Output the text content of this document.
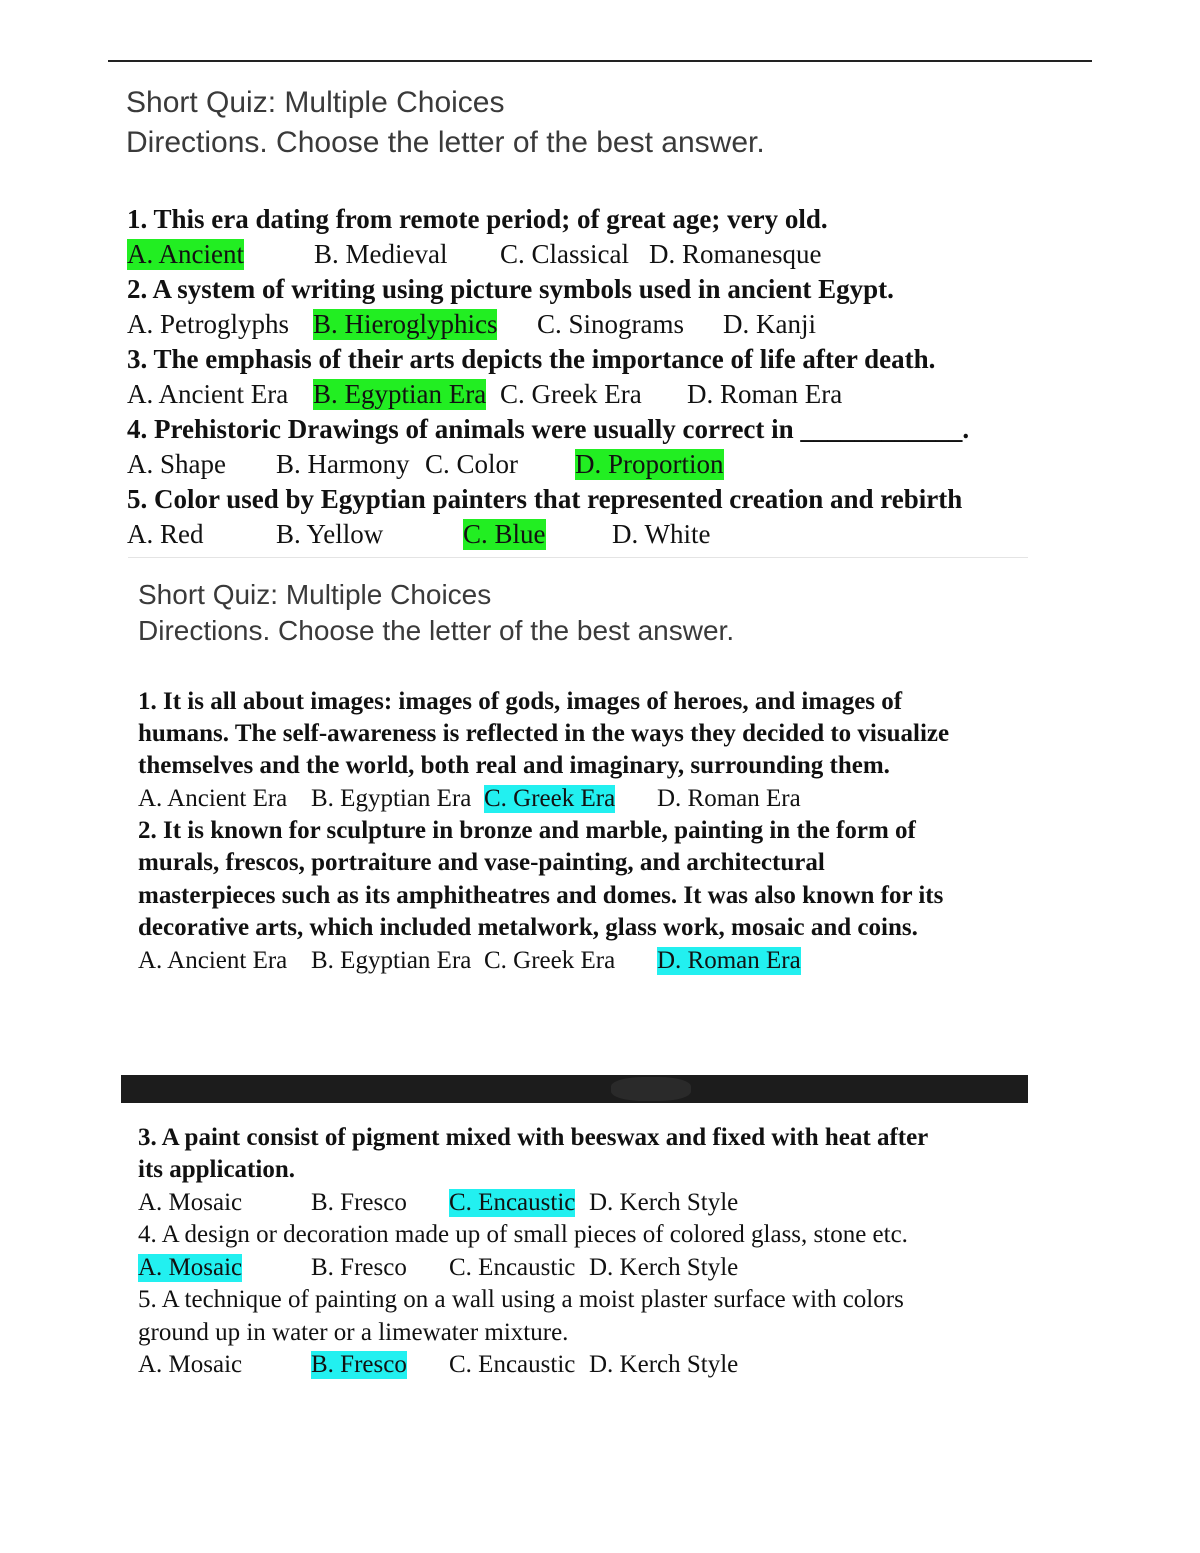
Short Quiz: Multiple Choices
Directions. Choose the letter of the best answer.
1. This era dating from remote period; of great age; very old.
A. Ancient	B. Medieval C. Classical D. Romanesque
2. A system of writing using picture symbols used in ancient Egypt.
A. Petroglyphs B. Hieroglyphics C. Sinograms D. Kanji
3. The emphasis of their arts depicts the importance of life after death.
A. Ancient Era B. Egyptian Era C. Greek Era D. Roman Era
4. Prehistoric Drawings of animals were usually correct in ____________.
A. Shape B. Harmony C. Color D. Proportion
5. Color used by Egyptian painters that represented creation and rebirth
A. Red	B. Yellow	C. Blue D. White
Short Quiz: Multiple Choices
Directions. Choose the letter of the best answer.
1. It is all about images: images of gods, images of heroes, and images of
humans. The self-awareness is reflected in the ways they decided to visualize
themselves and the world, both real and imaginary, surrounding them.
A. Ancient Era B. Egyptian Era C. Greek Era D. Roman Era
2. It is known for sculpture in bronze and marble, painting in the form of
murals, frescos, portraiture and vase-painting, and architectural
masterpieces such as its amphitheatres and domes. It was also known for its
decorative arts, which included metalwork, glass work, mosaic and coins.
A. Ancient Era B. Egyptian Era C. Greek Era D. Roman Era
3. A paint consist of pigment mixed with beeswax and fixed with heat after
its application.
A. Mosaic	B. Fresco C. Encaustic D. Kerch Style
4. A design or decoration made up of small pieces of colored glass, stone etc.
A. Mosaic	B. Fresco C. Encaustic D. Kerch Style
5. A technique of painting on a wall using a moist plaster surface with colors
ground up in water or a limewater mixture.
A. Mosaic	B. Fresco C. Encaustic D. Kerch Style
